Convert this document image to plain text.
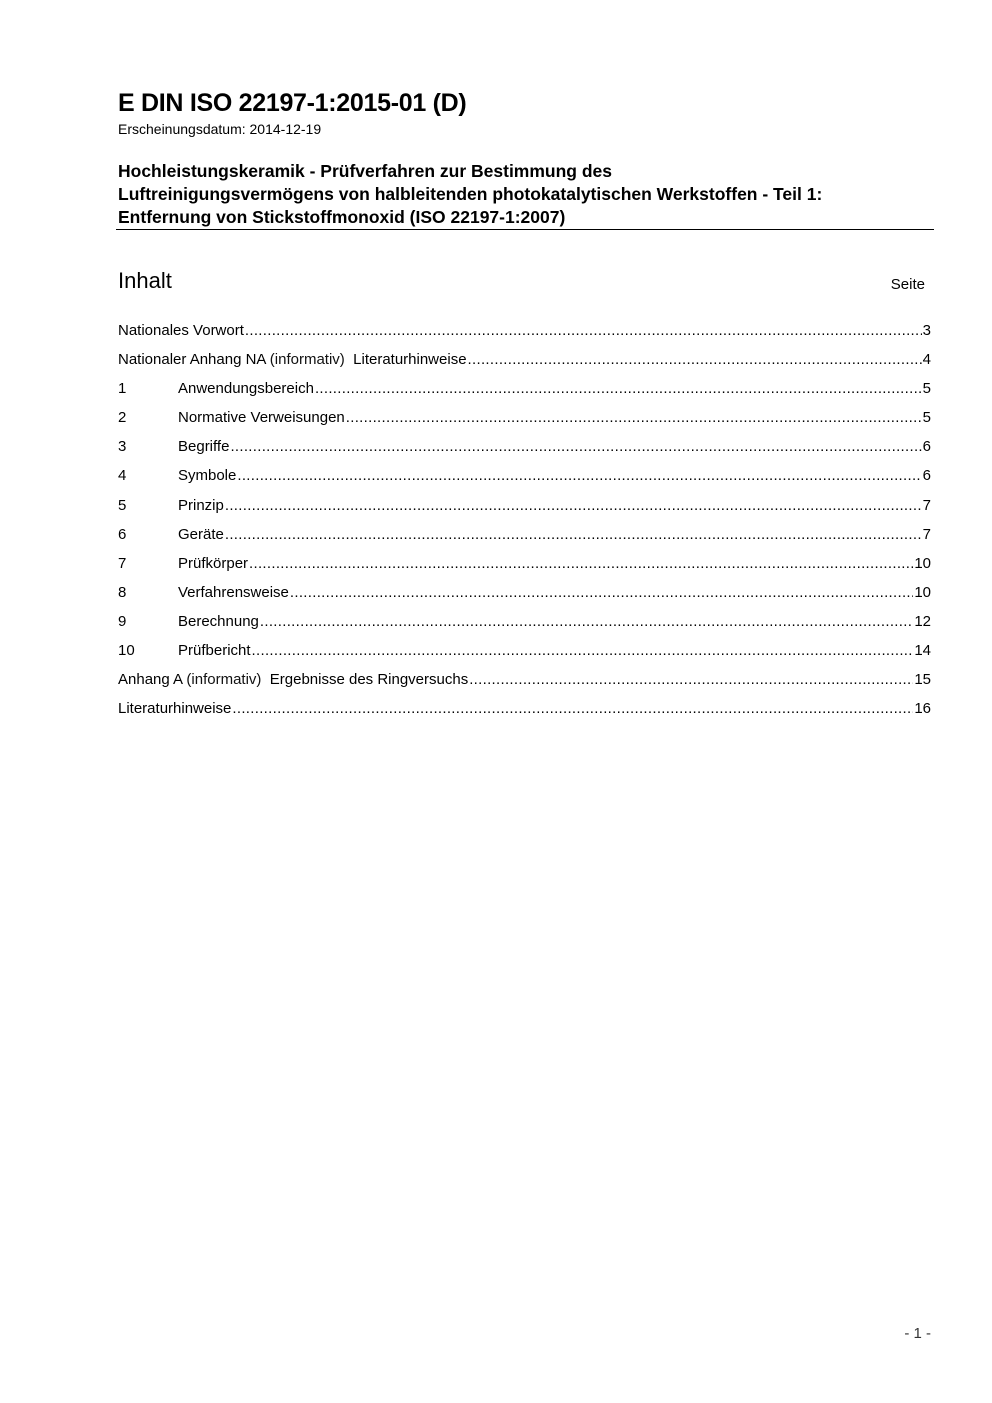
E DIN ISO 22197-1:2015-01 (D)
Erscheinungsdatum: 2014-12-19
Hochleistungskeramik - Prüfverfahren zur Bestimmung des
Luftreinigungsvermögens von halbleitenden photokatalytischen Werkstoffen - Teil 1:
Entfernung von Stickstoffmonoxid (ISO 22197-1:2007)
Inhalt	Seite
Nationales Vorwort .....	3
Nationaler Anhang NA (informativ) Literaturhinweise .....	4
1	Anwendungsbereich .....	5
2	Normative Verweisungen .....	5
3	Begriffe .....	6
4	Symbole .....	6
5	Prinzip .....	7
6	Geräte .....	7
7	Prüfkörper .....	10
8	Verfahrensweise .....	10
9	Berechnung .....	12
10	Prüfbericht .....	14
Anhang A (informativ) Ergebnisse des Ringversuchs .....	15
Literaturhinweise .....	16
- 1 -
